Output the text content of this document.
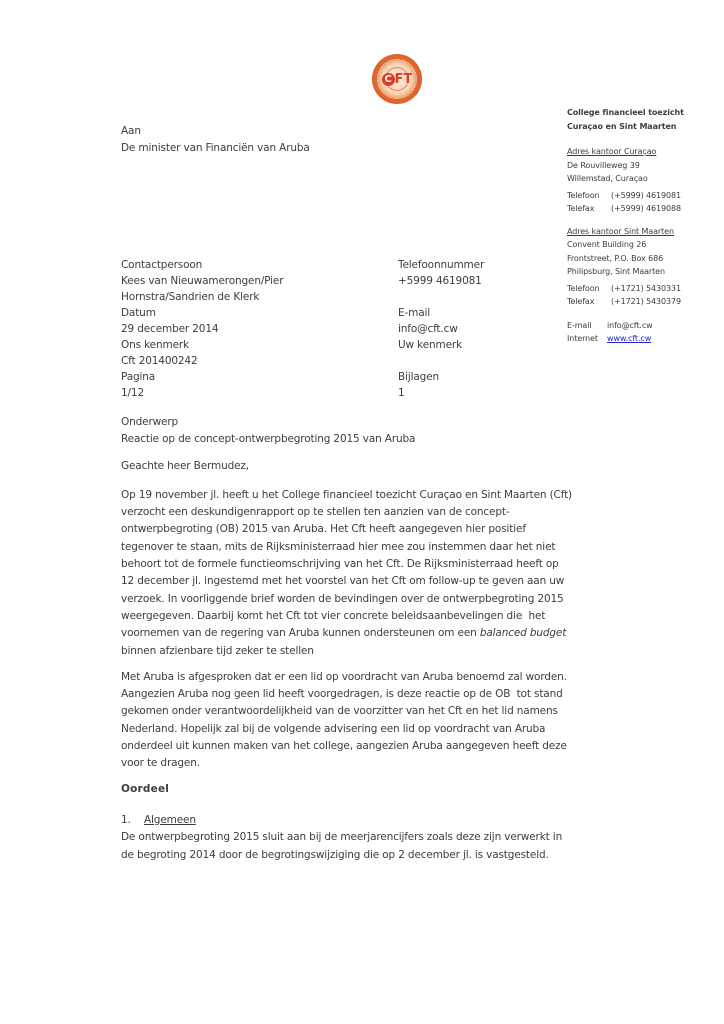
C FT
College financieel toezicht
Curaçao en Sint Maarten
Adres kantoor Curaçao
De Rouvilleweg 39
Willemstad, Curaçao
Telefoon	(+5999) 4619081
Telefax	(+5999) 4619088
Adres kantoor Sint Maarten
Convent Building 26
Frontstreet, P.O. Box 686
Philipsburg, Sint Maarten
Telefoon	(+1721) 5430331
Telefax	(+1721) 5430379
E-mail	info@cft.cw
Internet	www.cft.cw
Aan
De minister van Financiën van Aruba
Contactpersoon	Telefoonnummer
Kees van Nieuwamerongen/Pier	+5999 4619081
Hornstra/Sandrien de Klerk
Datum	E-mail
29 december 2014	info@cft.cw
Ons kenmerk	Uw kenmerk
Cft 201400242
Pagina	Bijlagen
1/12	1
Onderwerp
Reactie op de concept-ontwerpbegroting 2015 van Aruba
Geachte heer Bermudez,
Op 19 november jl. heeft u het College financieel toezicht Curaçao en Sint Maarten (Cft)
verzocht een deskundigenrapport op te stellen ten aanzien van de concept-
ontwerpbegroting (OB) 2015 van Aruba. Het Cft heeft aangegeven hier positief
tegenover te staan, mits de Rijksministerraad hier mee zou instemmen daar het niet
behoort tot de formele functieomschrijving van het Cft. De Rijksministerraad heeft op
12 december jl. ingestemd met het voorstel van het Cft om follow-up te geven aan uw
verzoek. In voorliggende brief worden de bevindingen over de ontwerpbegroting 2015
weergegeven. Daarbij komt het Cft tot vier concrete beleidsaanbevelingen die  het
voornemen van de regering van Aruba kunnen ondersteunen om een balanced budget
binnen afzienbare tijd zeker te stellen
Met Aruba is afgesproken dat er een lid op voordracht van Aruba benoemd zal worden.
Aangezien Aruba nog geen lid heeft voorgedragen, is deze reactie op de OB  tot stand
gekomen onder verantwoordelijkheid van de voorzitter van het Cft en het lid namens
Nederland. Hopelijk zal bij de volgende advisering een lid op voordracht van Aruba
onderdeel uit kunnen maken van het college, aangezien Aruba aangegeven heeft deze
voor te dragen.
Oordeel
1. Algemeen
De ontwerpbegroting 2015 sluit aan bij de meerjarencijfers zoals deze zijn verwerkt in
de begroting 2014 door de begrotingswijziging die op 2 december jl. is vastgesteld.
